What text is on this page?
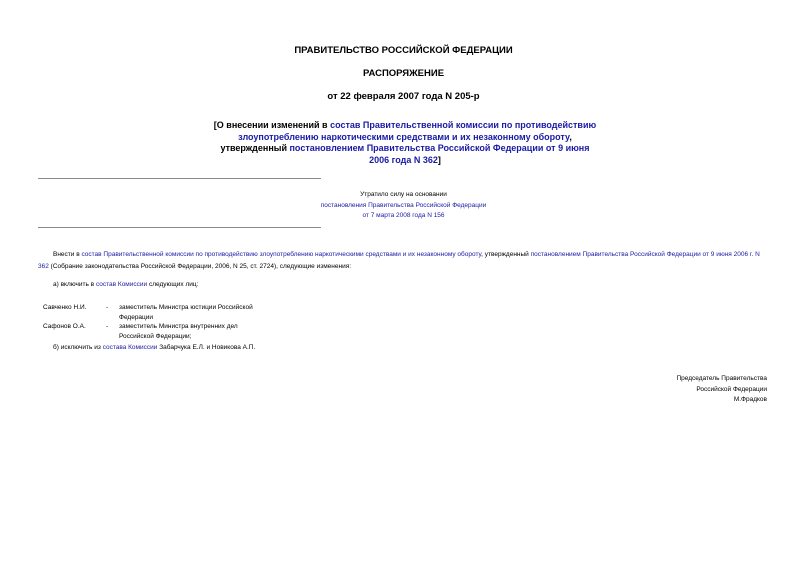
ПРАВИТЕЛЬСТВО РОССИЙСКОЙ ФЕДЕРАЦИИ
РАСПОРЯЖЕНИЕ
от 22 февраля 2007 года N 205-р
[О внесении изменений в состав Правительственной комиссии по противодействию злоупотреблению наркотическими средствами и их незаконному обороту, утвержденный постановлением Правительства Российской Федерации от 9 июня 2006 года N 362]
Утратило силу на основании
постановления Правительства Российской Федерации
от 7 марта 2008 года N 156
Внести в состав Правительственной комиссии по противодействию злоупотреблению наркотическими средствами и их незаконному обороту, утвержденный постановлением Правительства Российской Федерации от 9 июня 2006 г. N 362 (Собрание законодательства Российской Федерации, 2006, N 25, ст. 2724), следующие изменения:
а) включить в состав Комиссии следующих лиц:
Савченко Н.И.	- заместитель Министра юстиции Российской
Федерации
Сафонов О.А.	- заместитель Министра внутренних дел
Российской Федерации;
б) исключить из состава Комиссии Забарчука Е.Л. и Новикова А.П.
Председатель Правительства
Российской Федерации
М.Фрадков
